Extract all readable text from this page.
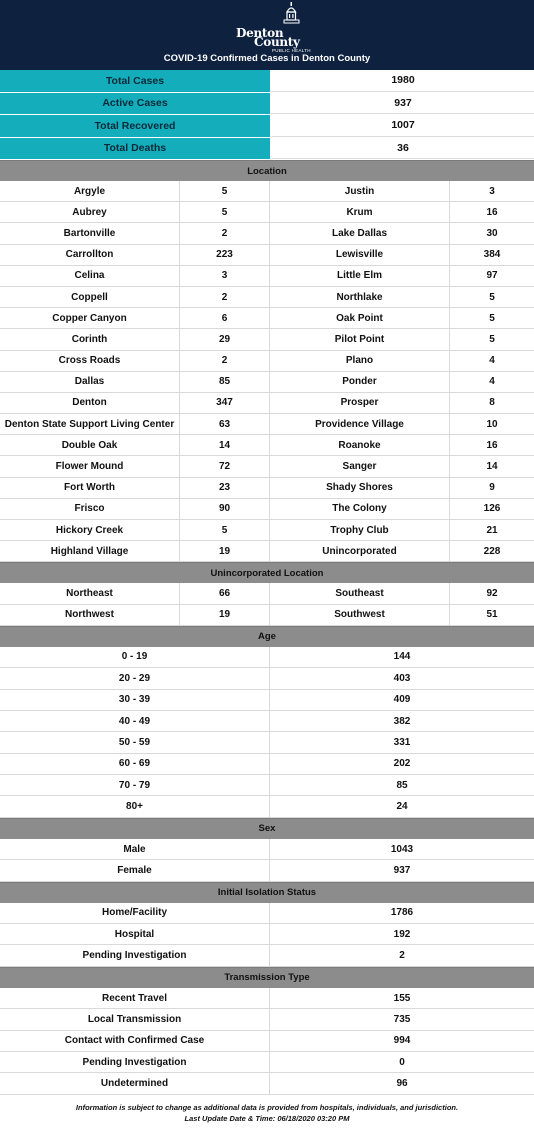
Denton
County
PUBLIC HEALTH
COVID-19 Confirmed Cases in Denton County
Total Cases	1980
Active Cases	937
Total Recovered	1007
Total Deaths	36
Location
Argyle	5	Justin	3
Aubrey	5	Krum	16
Bartonville	2	Lake Dallas	30
Carrollton	223	Lewisville	384
Celina	3	Little Elm	97
Coppell	2	Northlake	5
Copper Canyon	6	Oak Point	5
Corinth	29	Pilot Point	5
Cross Roads	2	Plano	4
Dallas	85	Ponder	4
Denton	347	Prosper	8
Denton State Support Living Center	63	Providence Village	10
Double Oak	14	Roanoke	16
Flower Mound	72	Sanger	14
Fort Worth	23	Shady Shores	9
Frisco	90	The Colony	126
Hickory Creek	5	Trophy Club	21
Highland Village	19	Unincorporated	228
Unincorporated Location
Northeast	66	Southeast	92
Northwest	19	Southwest	51
Age
0 - 19	144
20 - 29	403
30 - 39	409
40 - 49	382
50 - 59	331
60 - 69	202
70 - 79	85
80+	24
Sex
Male	1043
Female	937
Initial Isolation Status
Home/Facility	1786
Hospital	192
Pending Investigation	2
Transmission Type
Recent Travel	155
Local Transmission	735
Contact with Confirmed Case	994
Pending Investigation	0
Undetermined	96
Information is subject to change as additional data is provided from hospitals, individuals, and jurisdiction.
Last Update Date & Time: 06/18/2020 03:20 PM
